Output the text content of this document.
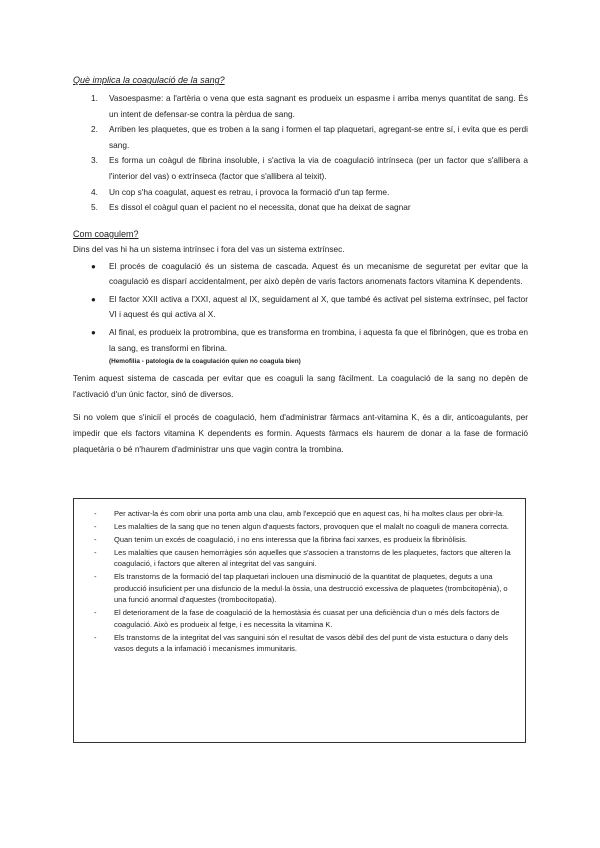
Què implica la coagulació de la sang?

1. Vasoespasme: a l'artèria o vena que esta sagnant es produeix un espasme i arriba menys quantitat de sang. És un intent de defensar-se contra la pèrdua de sang.
2. Arriben les plaquetes, que es troben a la sang i formen el tap plaquetari, agregant-se entre sí, i evita que es perdi sang.
3. Es forma un coàgul de fibrina insoluble, i s'activa la via de coagulació intrínseca (per un factor que s'allibera a l'interior del vas) o extrínseca (factor que s'allibera al teixit).
4. Un cop s'ha coagulat, aquest es retrau, i provoca la formació d'un tap ferme.
5. Es dissol el coàgul quan el pacient no el necessita, donat que ha deixat de sagnar

Com coagulem?

Dins del vas hi ha un sistema intrínsec i fora del vas un sistema extrínsec.

● El procés de coagulació és un sistema de cascada. Aquest és un mecanisme de seguretat per evitar que la coagulació es disparí accidentalment, per això depèn de varis factors anomenats factors vitamina K dependents.
● El factor XXII activa a l'XXI, aquest al IX, seguidament al X, que també és activat pel sistema extrínsec, pel factor VI i aquest és qui activa al X.
● Al final, es produeix la protrombina, que es transforma en trombina, i aquesta fa que el fibrinògen, que es troba en la sang, es transformi en fibrina.
(Hemofilia - patología de la coagulación quien no coagula bien)

Tenim aquest sistema de cascada per evitar que es coaguli la sang fàcilment. La coagulació de la sang no depèn de l'activació d'un únic factor, sinó de diversos.

Si no volem que s'iniciï el procés de coagulació, hem d'administrar fàrmacs ant-vitamina K, és a dir, anticoagulants, per impedir que els factors vitamina K dependents es formin. Aquests fàrmacs els haurem de donar a la fase de formació plaquetària o bé n'haurem d'administrar uns que vagin contra la trombina.

- Per activar-la és com obrir una porta amb una clau, amb l'excepció que en aquest cas, hi ha moltes claus per obrir-la.
- Les malalties de la sang que no tenen algun d'aquests factors, provoquen que el malalt no coaguli de manera correcta.
- Quan tenim un excés de coagulació, i no ens interessa que la fibrina faci xarxes, es produeix la fibrinòlisis.
- Les malalties que causen hemorràgies són aquelles que s'associen a transtorns de les plaquetes, factors que alteren la coagulació, i factors que alteren al integritat del vas sanguini.
- Els transtorns de la formació del tap plaquetari inclouen una disminució de la quantitat de plaquetes, deguts a una producció insuficient per una disfuncio de la medul·la òssia, una destrucció excessiva de plaquetes (trombcitopènia), o una funció anormal d'aquestes (trombocitopatia).
- El deteriorament de la fase de coagulació de la hemostàsia és cuasat per una deficiència d'un o més dels factors de coagulació. Això es produeix al fetge, i es necessita la vitamina K.
- Els transtorns de la integritat del vas sanguini són el resultat de vasos dèbil des del punt de vista estuctura o dany dels vasos deguts a la infamació i mecanismes immunitaris.
